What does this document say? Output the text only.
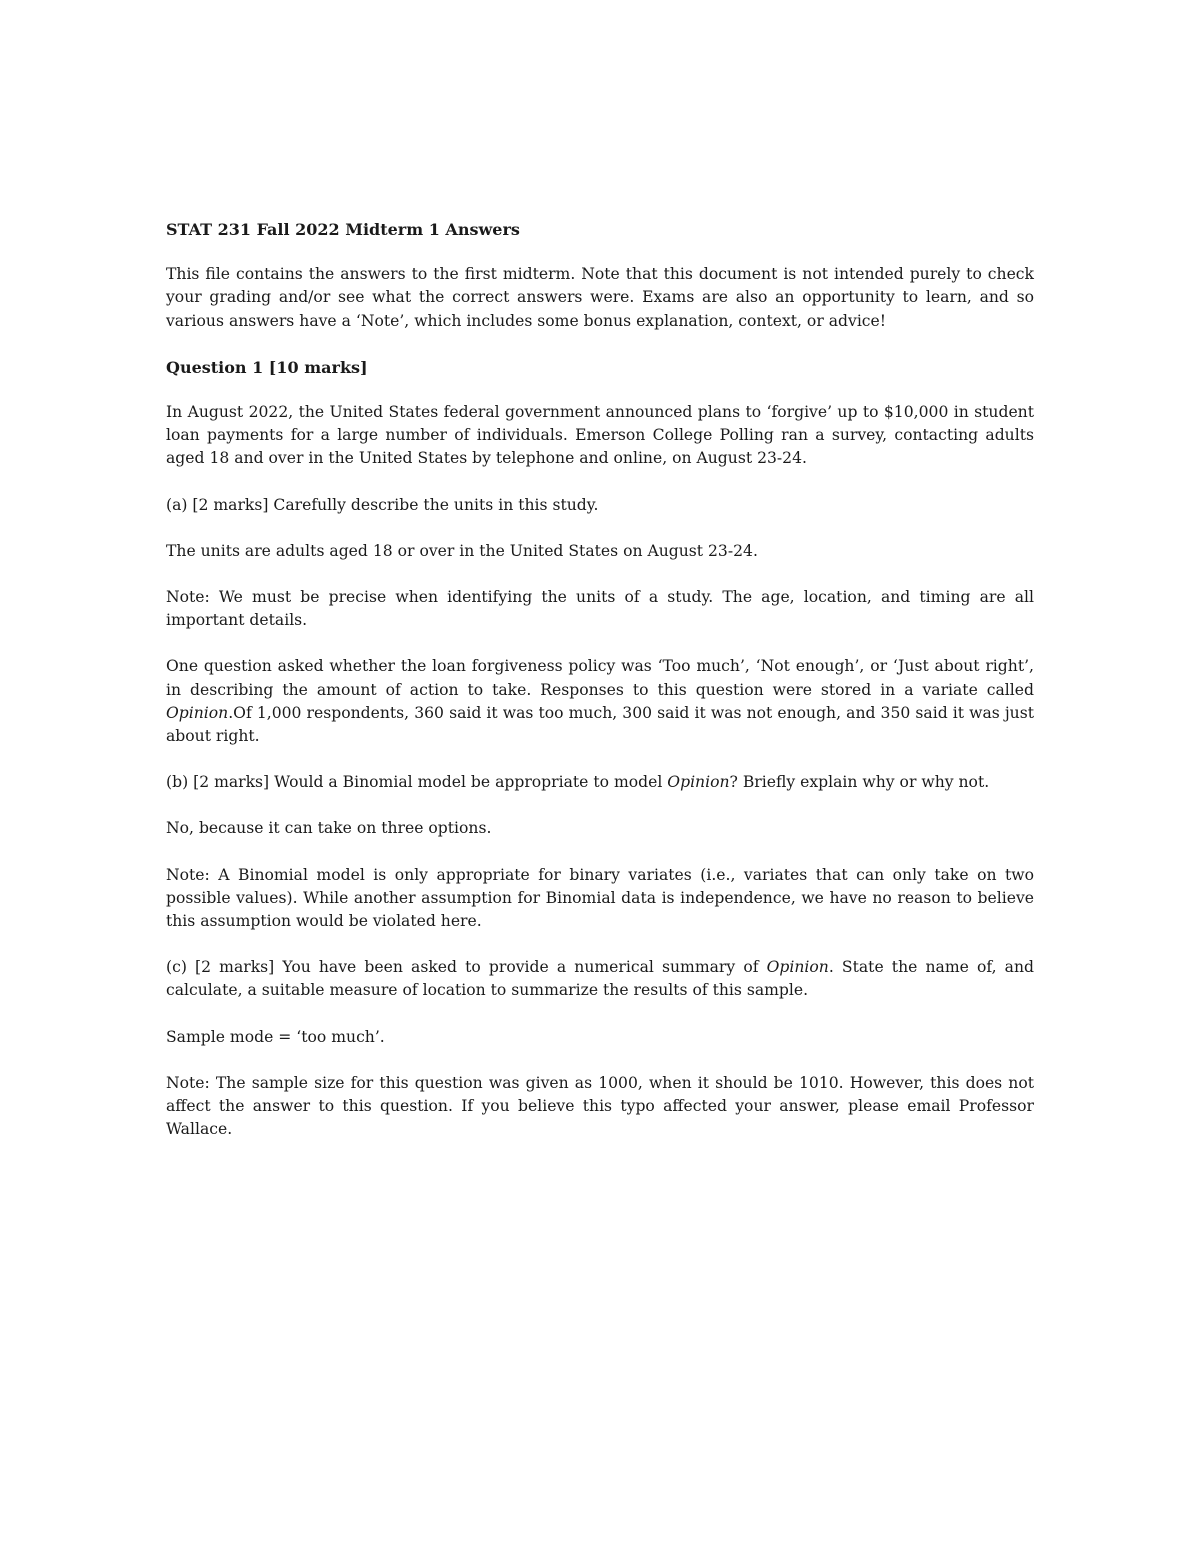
STAT 231 Fall 2022 Midterm 1 Answers

This file contains the answers to the first midterm. Note that this document is not intended purely to check your grading and/or see what the correct answers were. Exams are also an opportunity to learn, and so various answers have a ‘Note’, which includes some bonus explanation, context, or advice!

Question 1 [10 marks]

In August 2022, the United States federal government announced plans to ‘forgive’ up to $10,000 in student loan payments for a large number of individuals. Emerson College Polling ran a survey, contacting adults aged 18 and over in the United States by telephone and online, on August 23-24.

(a) [2 marks] Carefully describe the units in this study.

The units are adults aged 18 or over in the United States on August 23-24.

Note: We must be precise when identifying the units of a study. The age, location, and timing are all important details.

One question asked whether the loan forgiveness policy was ‘Too much’, ‘Not enough’, or ‘Just about right’, in describing the amount of action to take. Responses to this question were stored in a variate called Opinion.Of 1,000 respondents, 360 said it was too much, 300 said it was not enough, and 350 said it was just about right.

(b) [2 marks] Would a Binomial model be appropriate to model Opinion? Briefly explain why or why not.

No, because it can take on three options.

Note: A Binomial model is only appropriate for binary variates (i.e., variates that can only take on two possible values). While another assumption for Binomial data is independence, we have no reason to believe this assumption would be violated here.

(c) [2 marks] You have been asked to provide a numerical summary of Opinion. State the name of, and calculate, a suitable measure of location to summarize the results of this sample.

Sample mode = ‘too much’.

Note: The sample size for this question was given as 1000, when it should be 1010. However, this does not affect the answer to this question. If you believe this typo affected your answer, please email Professor Wallace.
